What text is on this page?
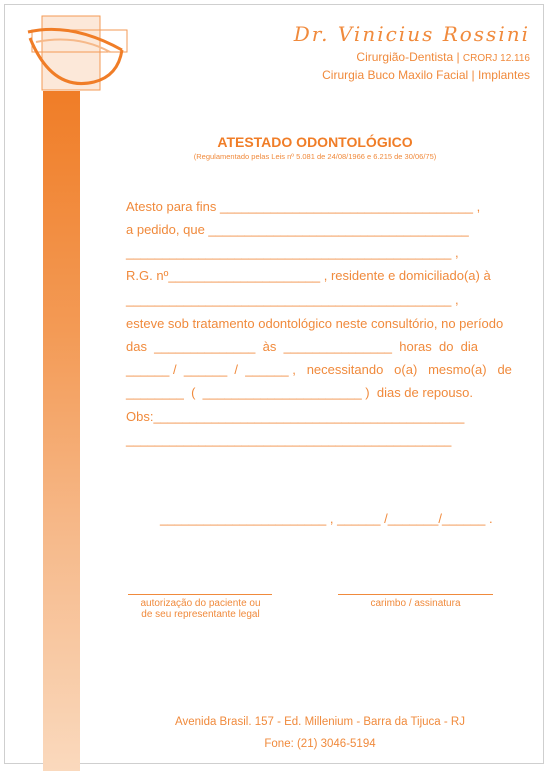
Dr. Vinicius Rossini
Cirurgião-Dentista | CRORJ 12.116
Cirurgia Buco Maxilo Facial | Implantes
ATESTADO ODONTOLÓGICO
(Regulamentado pelas Leis nº 5.081 de 24/08/1966 e 6.215 de 30/06/75)
Atesto para fins ___________________________________ ,
a pedido, que ____________________________________
_____________________________________________ ,
R.G. nº_____________________ , residente e domiciliado(a) à
_____________________________________________ ,
esteve sob tratamento odontológico neste consultório, no período
das  ______________  às  _______________  horas  do  dia
______ /  ______  /  ______ ,   necessitando   o(a)   mesmo(a)   de
________  (  ______________________ )  dias de repouso.
Obs:___________________________________________
_____________________________________________
_______________________ , ______ /_______/______ .
autorização do paciente ou
de seu representante legal
carimbo / assinatura
Avenida Brasil. 157 - Ed. Millenium - Barra da Tijuca - RJ
Fone: (21) 3046-5194
